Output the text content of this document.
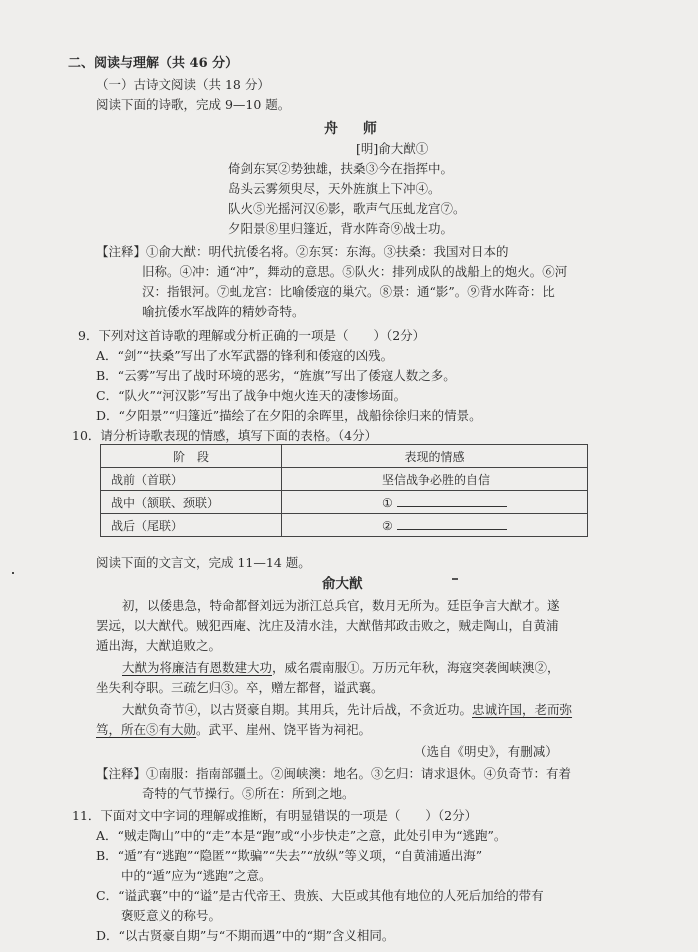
二、阅读与理解（共 46 分）
（一）古诗文阅读（共 18 分）
阅读下面的诗歌，完成 9—10 题。
舟 师
[明]俞大猷①
倚剑东冥②势独雄，扶桑③今在指挥中。
岛头云雾须臾尽，天外旌旗上下冲④。
队火⑤光摇河汉⑥影，歌声气压虬龙宫⑦。
夕阳景⑧里归篷近，背水阵奇⑨战士功。
【注释】①俞大猷：明代抗倭名将。②东冥：东海。③扶桑：我国对日本的
旧称。④冲：通“冲”，舞动的意思。⑤队火：排列成队的战船上的炮火。⑥河
汉：指银河。⑦虬龙宫：比喻倭寇的巢穴。⑧景：通“影”。⑨背水阵奇：比
喻抗倭水军战阵的精妙奇特。
9．下列对这首诗歌的理解或分析正确的一项是（　　）（2分）
A．“剑”“扶桑”写出了水军武器的锋利和倭寇的凶残。
B．“云雾”写出了战时环境的恶劣，“旌旗”写出了倭寇人数之多。
C．“队火”“河汉影”写出了战争中炮火连天的凄惨场面。
D．“夕阳景”“归篷近”描绘了在夕阳的余晖里，战船徐徐归来的情景。
10．请分析诗歌表现的情感，填写下面的表格。（4分）
阶　段	表现的情感
战前（首联）	坚信战争必胜的自信
战中（颔联、颈联）	①
战后（尾联）	②
阅读下面的文言文，完成 11—14 题。
俞大猷
初，以倭患急，特命都督刘远为浙江总兵官，数月无所为。廷臣争言大猷才。遂
罢远，以大猷代。贼犯西庵、沈庄及清水洼，大猷偕邦政击败之，贼走陶山，自黄浦
遁出海，大猷追败之。
大猷为将廉洁有恩数建大功，威名震南服①。万历元年秋，海寇突袭闽峡澳②，
坐失利夺职。三疏乞归③。卒，赠左都督，谥武襄。
大猷负奇节④，以古贤豪自期。其用兵，先计后战，不贪近功。忠诚许国，老而弥
笃，所在⑤有大勋。武平、崖州、饶平皆为祠祀。
（选自《明史》，有删减）
【注释】①南服：指南部疆土。②闽峡澳：地名。③乞归：请求退休。④负奇节：有着
奇特的气节操行。⑤所在：所到之地。
11．下面对文中字词的理解或推断，有明显错误的一项是（　　）（2分）
A．“贼走陶山”中的“走”本是“跑”或“小步快走”之意，此处引申为“逃跑”。
B．“遁”有“逃跑”“隐匿”“欺骗”“失去”“放纵”等义项，“自黄浦遁出海”
　　中的“遁”应为“逃跑”之意。
C．“谥武襄”中的“谥”是古代帝王、贵族、大臣或其他有地位的人死后加给的带有
　　褒贬意义的称号。
D．“以古贤豪自期”与“不期而遇”中的“期”含义相同。
